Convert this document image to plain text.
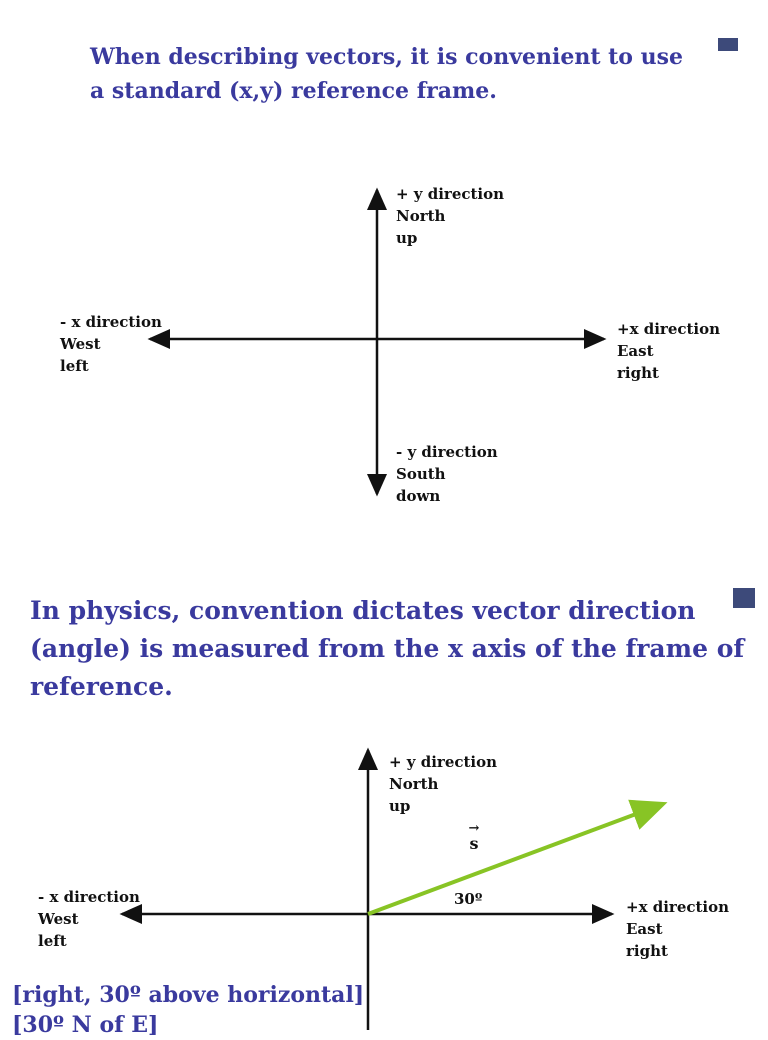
When describing vectors, it is convenient to use a standard (x,y) reference frame.

+ y direction
North
up
- y direction
South
down
- x direction
West
left
+x direction
East
right

In physics, convention dictates vector direction (angle) is measured from the x axis of the frame of reference.

+ y direction
North
up
- x direction
West
left
+x direction
East
right
→
s
30º
[right, 30º above horizontal]
[30º N of E]
